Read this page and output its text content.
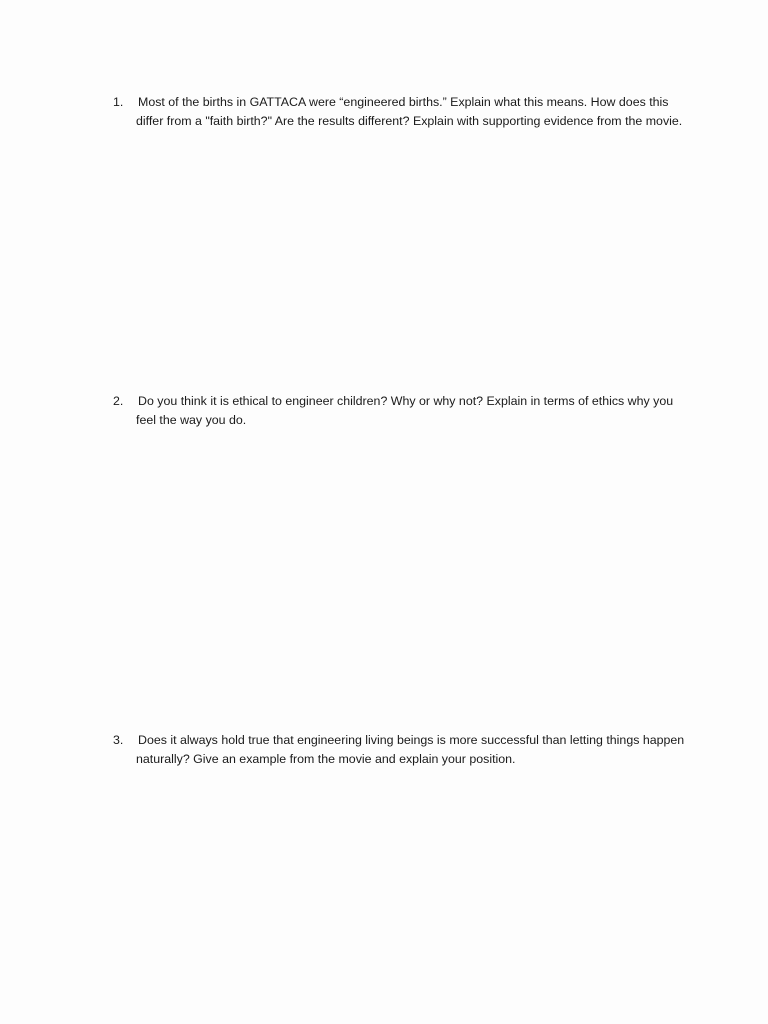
1. Most of the births in GATTACA were “engineered births.” Explain what this means. How does this differ from a "faith birth?" Are the results different? Explain with supporting evidence from the movie.
2. Do you think it is ethical to engineer children? Why or why not? Explain in terms of ethics why you feel the way you do.
3. Does it always hold true that engineering living beings is more successful than letting things happen naturally? Give an example from the movie and explain your position.
